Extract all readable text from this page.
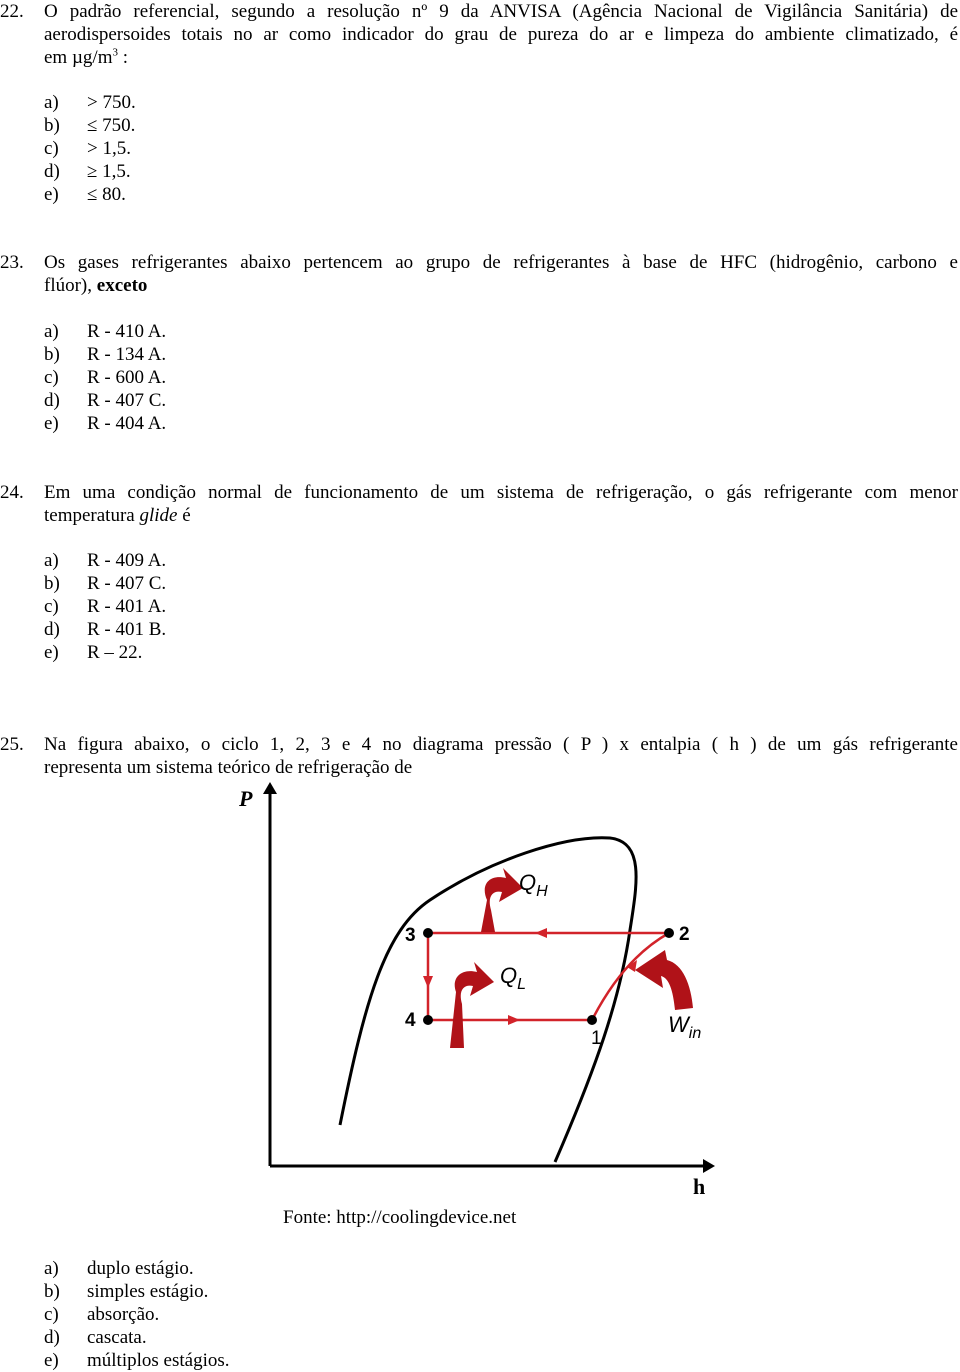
22. O padrão referencial, segundo a resolução nº 9 da ANVISA (Agência Nacional de Vigilância Sanitária) de
aerodispersoides totais no ar como indicador do grau de pureza do ar e limpeza do ambiente climatizado, é
em $\mu g/m^3$ :
a) > 750.
b) ≤ 750.
c) > 1,5.
d) ≥ 1,5.
e) ≤ 80.
23. Os gases refrigerantes abaixo pertencem ao grupo de refrigerantes à base de HFC (hidrogênio, carbono e
flúor), exceto
a) R - 410 A.
b) R - 134 A.
c) R - 600 A.
d) R - 407 C.
e) R - 404 A.
24. Em uma condição normal de funcionamento de um sistema de refrigeração, o gás refrigerante com menor
temperatura glide é
a) R - 409 A.
b) R - 407 C.
c) R - 401 A.
d) R - 401 B.
e) R – 22.
25. Na figura abaixo, o ciclo 1, 2, 3 e 4 no diagrama pressão ( P ) x entalpia ( h ) de um gás refrigerante
representa um sistema teórico de refrigeração de
P
h
3
4
1
2
$Q_H$
$Q_L$
$W_{in}$
Fonte: http://coolingdevice.net
a) duplo estágio.
b) simples estágio.
c) absorção.
d) cascata.
e) múltiplos estágios.
